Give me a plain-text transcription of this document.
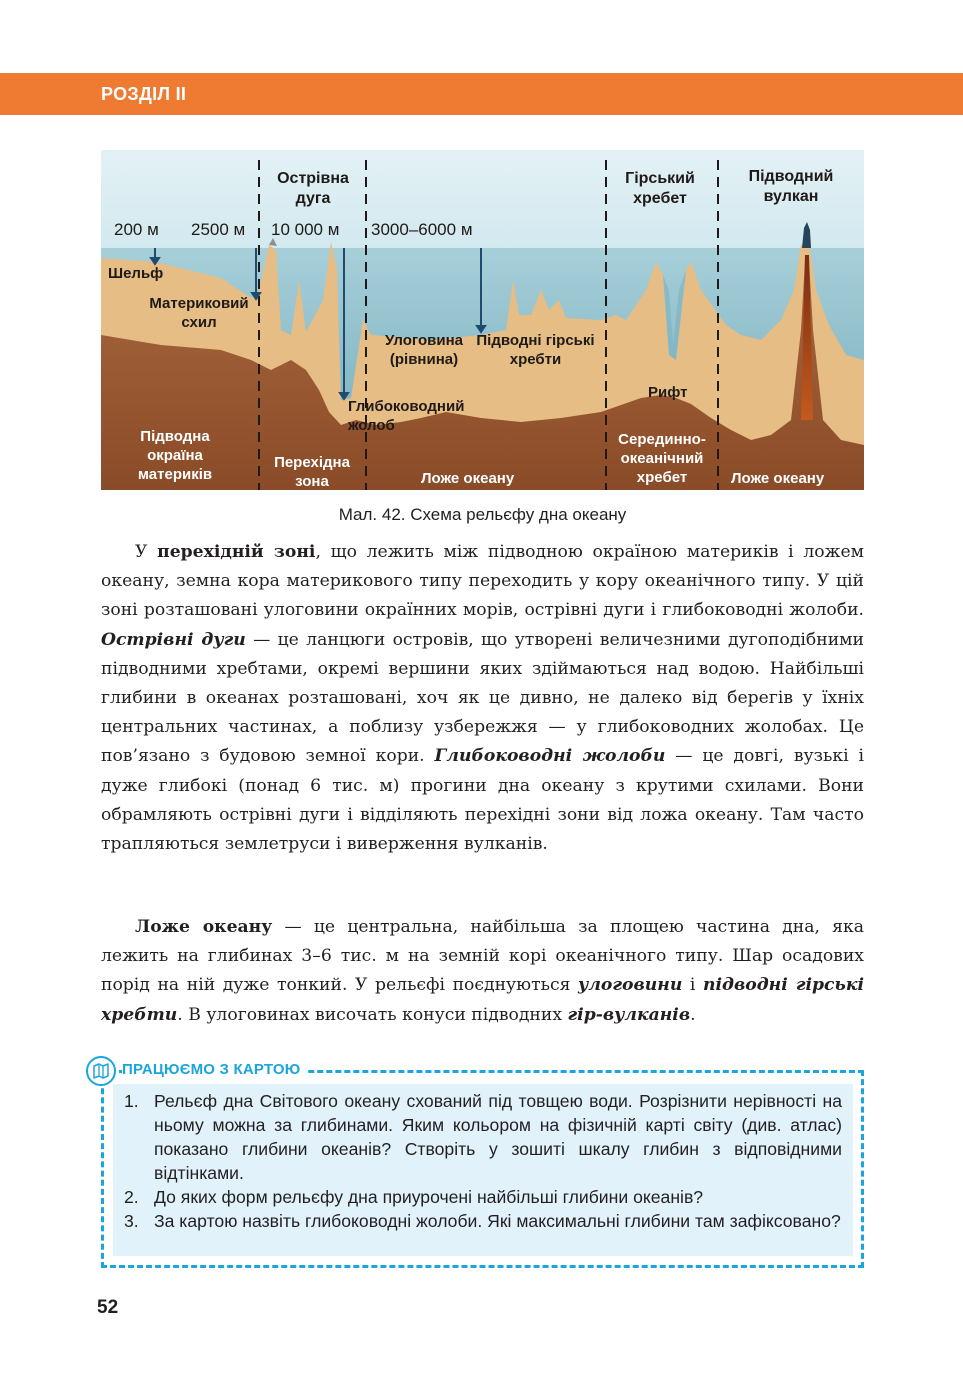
РОЗДІЛ ІІ
Острівна дуга
Гірський хребет
Підводний вулкан
200 м 2500 м 10 000 м 3000–6000 м
Шельф
Материковий схил
Улоговина (рівнина)
Підводні гірські хребти
Рифт
Глибоководний жолоб
Підводна окраїна материків
Перехідна зона	Ложе океану
Серединно-океанічний хребет	Ложе океану
Мал. 42. Схема рельєфу дна океану

У перехідній зоні, що лежить між підводною окраїною материків і ложем океану, земна кора материкового типу переходить у кору океанічного типу. У цій зоні розташовані улоговини окраїнних морів, острівні дуги і глибоководні жолоби. Острівні дуги — це ланцюги островів, що утворені величезними дугоподібними підводними хребтами, окремі вершини яких здіймаються над водою. Найбільші глибини в океанах розташовані, хоч як це дивно, не далеко від берегів у їхніх центральних частинах, а поблизу узбережжя — у глибоководних жолобах. Це пов’язано з будовою земної кори. Глибоководні жолоби — це довгі, вузькі і дуже глибокі (понад 6 тис. м) прогини дна океану з крутими схилами. Вони обрамляють острівні дуги і відділяють перехідні зони від ложа океану. Там часто трапляються землетруси і виверження вулканів.

Ложе океану — це центральна, найбільша за площею частина дна, яка лежить на глибинах 3–6 тис. м на земній корі океанічного типу. Шар осадових порід на ній дуже тонкий. У рельєфі поєднуються улоговини і підводні гірські хребти. В улоговинах височать конуси підводних гір-вулканів.

ПРАЦЮЄМО З КАРТОЮ
1. Рельєф дна Світового океану схований під товщею води. Розрізнити нерівності на ньому можна за глибинами. Яким кольором на фізичній карті світу (див. атлас) показано глибини океанів? Створіть у зошиті шкалу глибин з відповідними відтінками.
2. До яких форм рельєфу дна приурочені найбільші глибини океанів?
3. За картою назвіть глибоководні жолоби. Які максимальні глибини там зафіксовано?
52
